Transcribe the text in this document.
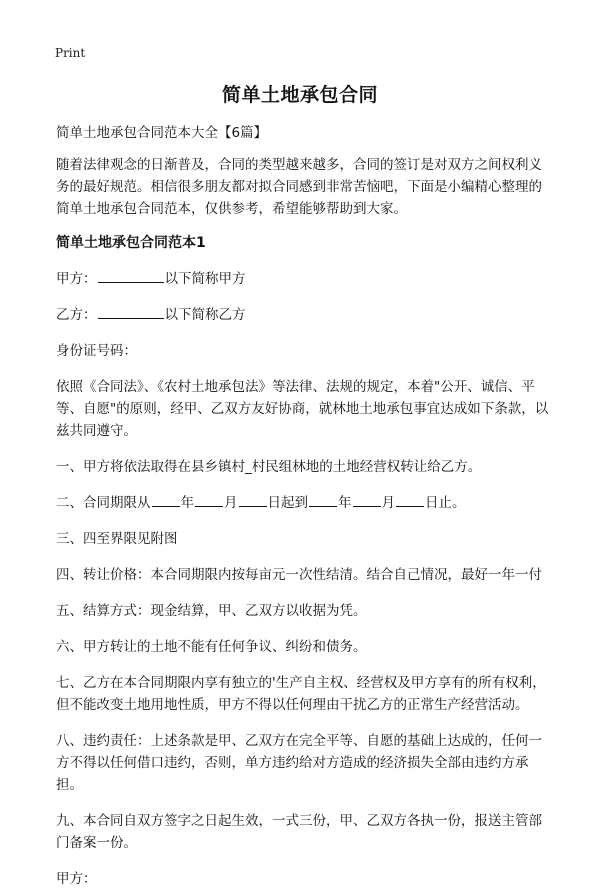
Print
简单土地承包合同

简单土地承包合同范本大全【6篇】

随着法律观念的日渐普及，合同的类型越来越多，合同的签订是对双方之间权利义务的最好规范。相信很多朋友都对拟合同感到非常苦恼吧，下面是小编精心整理的简单土地承包合同范本，仅供参考，希望能够帮助到大家。

简单土地承包合同范本1

甲方：	以下简称甲方

乙方：	以下简称乙方

身份证号码：

依照《合同法》、《农村土地承包法》等法律、法规的规定，本着"公开、诚信、平等、自愿"的原则，经甲、乙双方友好协商，就林地土地承包事宜达成如下条款，以兹共同遵守。

一、甲方将依法取得在县乡镇村_村民组林地的土地经营权转让给乙方。

二、合同期限从 年 月 日起到 年 月 日止。

三、四至界限见附图

四、转让价格：本合同期限内按每亩元一次性结清。结合自己情况，最好一年一付

五、结算方式：现金结算，甲、乙双方以收据为凭。

六、甲方转让的土地不能有任何争议、纠纷和债务。

七、乙方在本合同期限内享有独立的'生产自主权、经营权及甲方享有的所有权利，但不能改变土地用地性质，甲方不得以任何理由干扰乙方的正常生产经营活动。

八、违约责任：上述条款是甲、乙双方在完全平等、自愿的基础上达成的，任何一方不得以任何借口违约，否则，单方违约给对方造成的经济损失全部由违约方承担。

九、本合同自双方签字之日起生效，一式三份，甲、乙双方各执一份，报送主管部门备案一份。

甲方：
